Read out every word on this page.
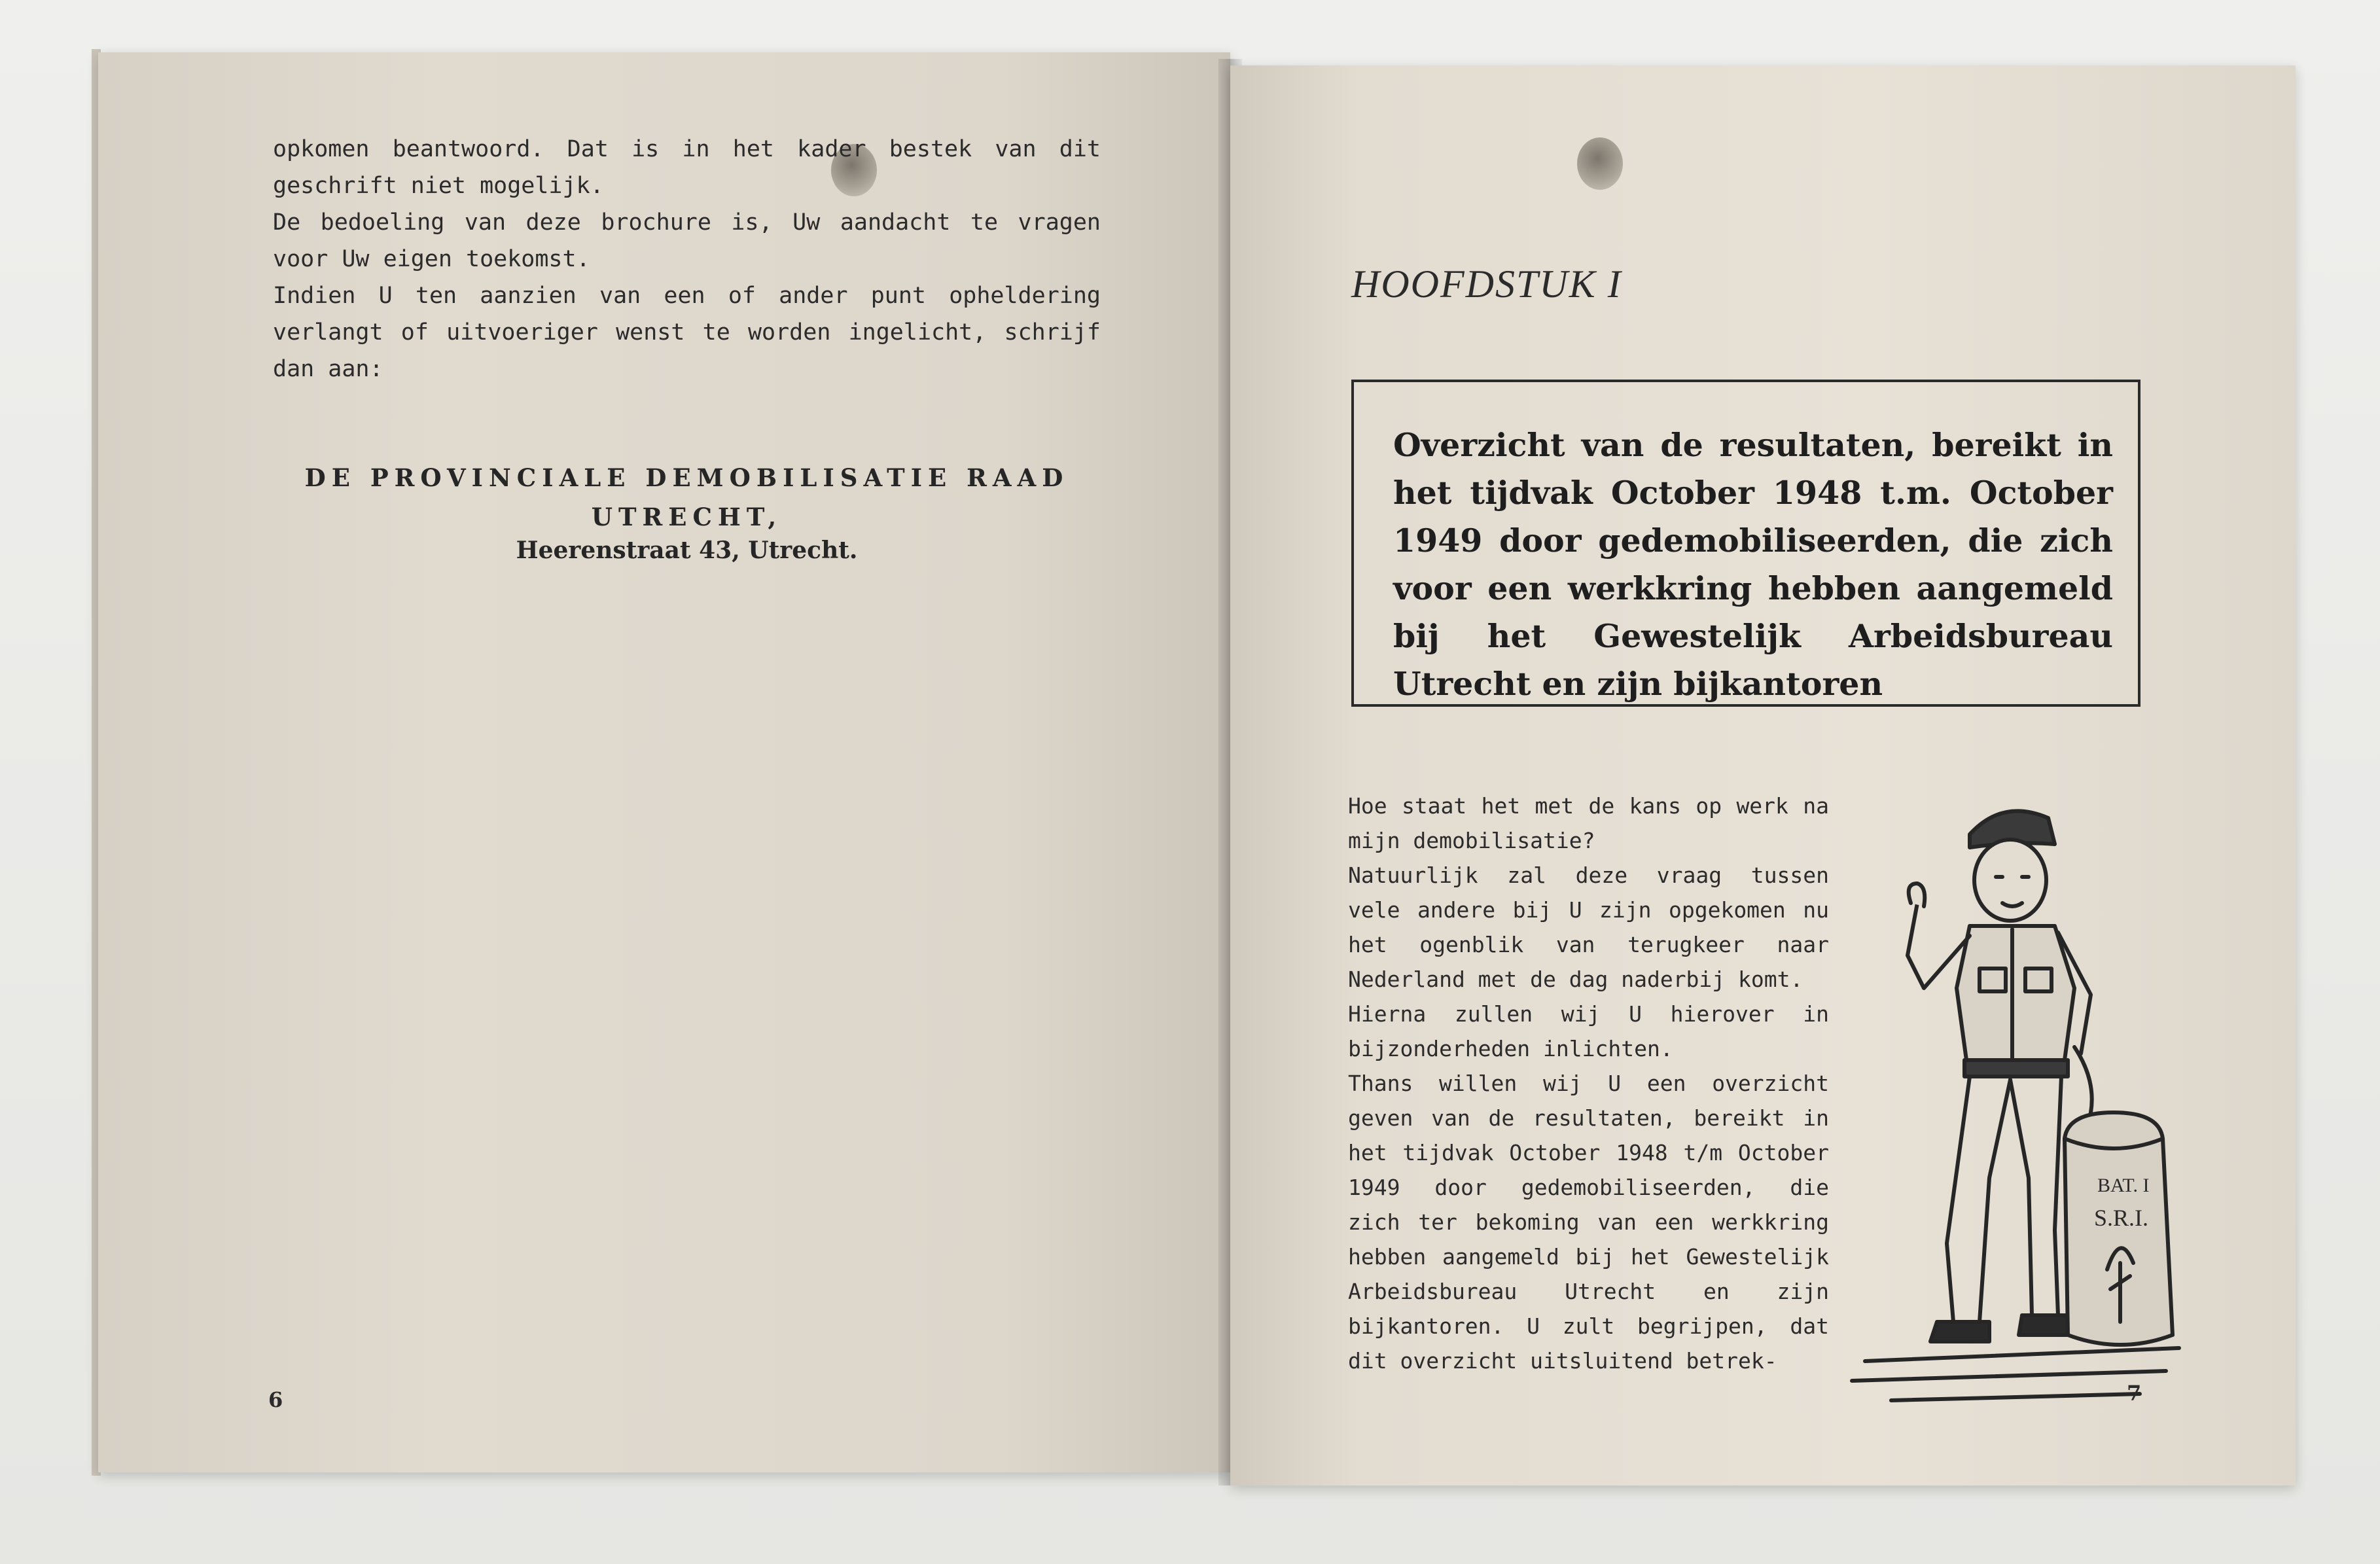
opkomen beantwoord. Dat is in het kader bestek van dit geschrift niet mogelijk.

De bedoeling van deze brochure is, Uw aandacht te vragen voor Uw eigen toekomst.

Indien U ten aanzien van een of ander punt opheldering verlangt of uitvoeriger wenst te worden ingelicht, schrijf dan aan:

DE PROVINCIALE DEMOBILISATIE RAAD UTRECHT,
Heerenstraat 43, Utrecht.
6
HOOFDSTUK I
Overzicht van de resultaten, bereikt in het tijdvak October 1948 t.m. October 1949 door gedemobiliseerden, die zich voor een werkkring hebben aangemeld bij het Gewestelijk Arbeidsbureau Utrecht en zijn bijkantoren

Hoe staat het met de kans op werk na mijn demobilisatie?

Natuurlijk zal deze vraag tussen vele andere bij U zijn opgekomen nu het ogenblik van terugkeer naar Nederland met de dag naderbij komt.

Hierna zullen wij U hierover in bijzonderheden inlichten.

Thans willen wij U een overzicht geven van de resultaten, bereikt in het tijdvak October 1948 t/m October 1949 door gedemobiliseerden, die zich ter bekoming van een werkkring hebben aangemeld bij het Gewestelijk Arbeidsbureau Utrecht en zijn bijkantoren. U zult begrijpen, dat dit overzicht uitsluitend betrek-

BAT. I
S.R.I.
7
